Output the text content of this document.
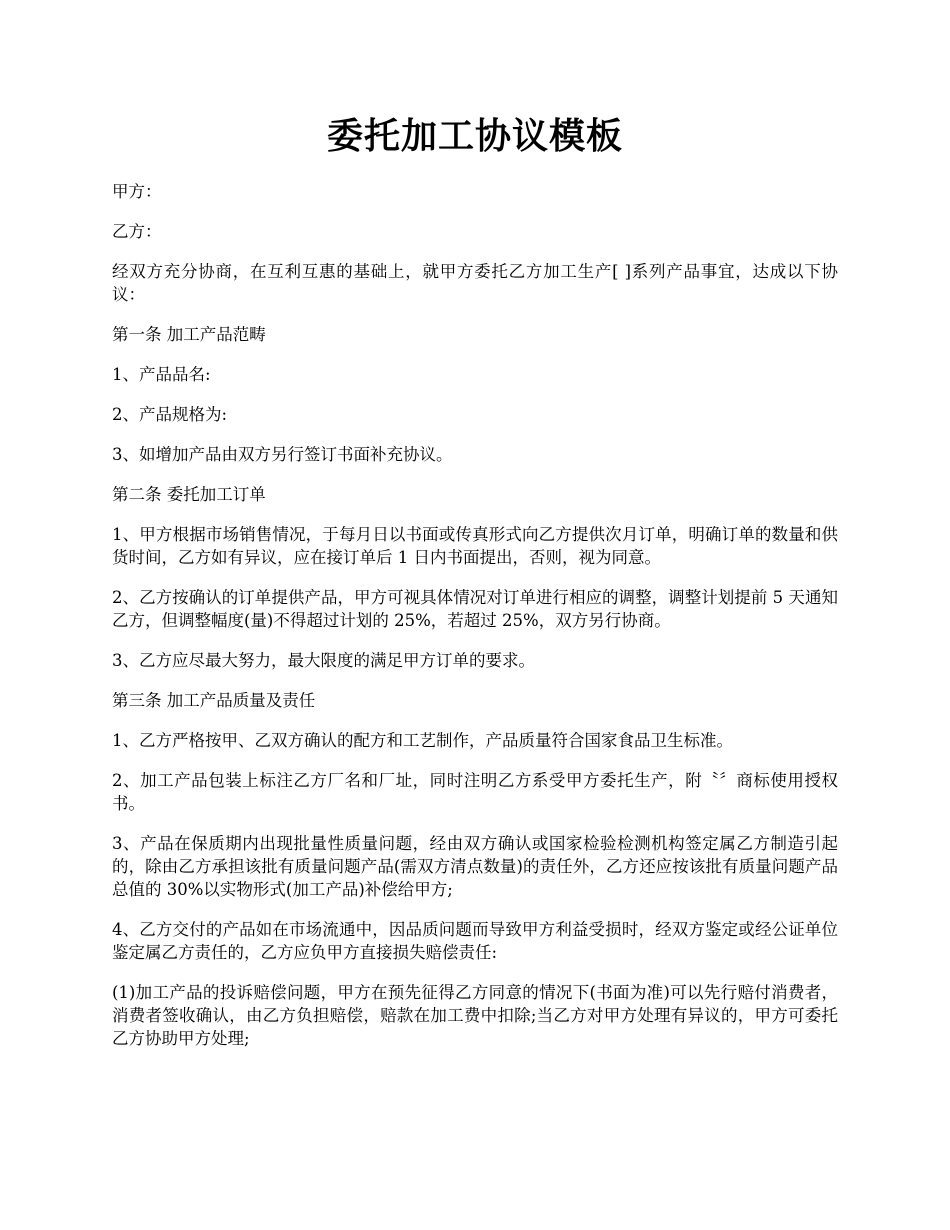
委托加工协议模板

甲方：

乙方：

经双方充分协商，在互利互惠的基础上，就甲方委托乙方加工生产[ ]系列产品事宜，达成以下协议：

第一条 加工产品范畴

1、产品品名:

2、产品规格为:

3、如增加产品由双方另行签订书面补充协议。

第二条 委托加工订单

1、甲方根据市场销售情况，于每月日以书面或传真形式向乙方提供次月订单，明确订单的数量和供货时间，乙方如有异议，应在接订单后 1 日内书面提出，否则，视为同意。

2、乙方按确认的订单提供产品，甲方可视具体情况对订单进行相应的调整，调整计划提前 5 天通知乙方，但调整幅度(量)不得超过计划的 25%，若超过 25%，双方另行协商。

3、乙方应尽最大努力，最大限度的满足甲方订单的要求。

第三条 加工产品质量及责任

1、乙方严格按甲、乙双方确认的配方和工艺制作，产品质量符合国家食品卫生标准。

2、加工产品包装上标注乙方厂名和厂址，同时注明乙方系受甲方委托生产，附〝〞商标使用授权书。

3、产品在保质期内出现批量性质量问题，经由双方确认或国家检验检测机构签定属乙方制造引起的，除由乙方承担该批有质量问题产品(需双方清点数量)的责任外，乙方还应按该批有质量问题产品总值的 30%以实物形式(加工产品)补偿给甲方;

4、乙方交付的产品如在市场流通中，因品质问题而导致甲方利益受损时，经双方鉴定或经公证单位鉴定属乙方责任的，乙方应负甲方直接损失赔偿责任:

(1)加工产品的投诉赔偿问题，甲方在预先征得乙方同意的情况下(书面为准)可以先行赔付消费者，消费者签收确认，由乙方负担赔偿，赔款在加工费中扣除;当乙方对甲方处理有异议的，甲方可委托乙方协助甲方处理;
